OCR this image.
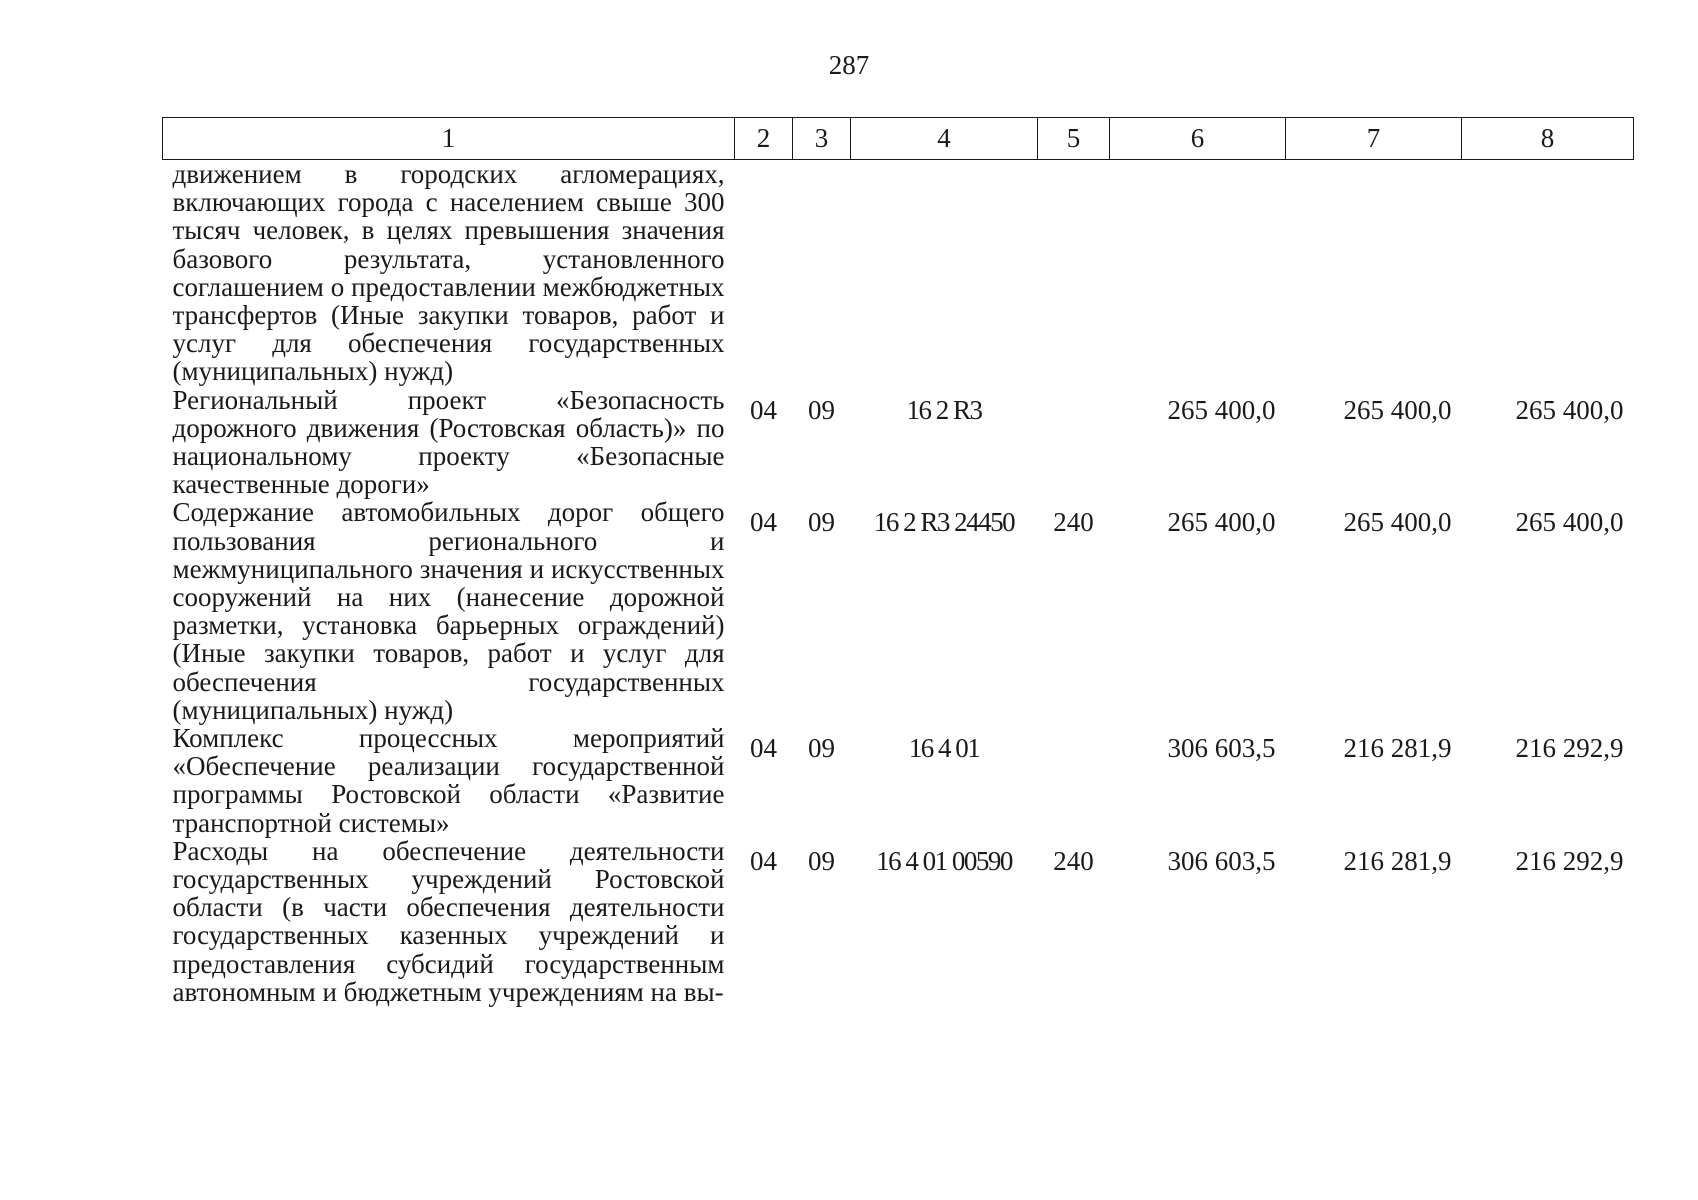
287
1	2	3	4	5	6	7	8
движением в городских агломерациях, включающих города с населением свыше 300 тысяч человек, в целях превышения значения базового результата, установленного соглашением о предоставлении межбюджетных трансфертов (Иные закупки товаров, работ и услуг для обеспечения государственных (муниципальных) нужд)							
Региональный проект «Безопасность дорожного движения (Ростовская область)» по национальному проекту «Безопасные качественные дороги»	04	09	16 2 R3		265 400,0	265 400,0	265 400,0
Содержание автомобильных дорог общего пользования регионального и межмуниципального значения и искусственных сооружений на них (нанесение дорожной разметки, установка барьерных ограждений) (Иные закупки товаров, работ и услуг для обеспечения государственных (муниципальных) нужд)	04	09	16 2 R3 24450	240	265 400,0	265 400,0	265 400,0
Комплекс процессных мероприятий «Обеспечение реализации государственной программы Ростовской области «Развитие транспортной системы»	04	09	16 4 01		306 603,5	216 281,9	216 292,9
Расходы на обеспечение деятельности государственных учреждений Ростовской области (в части обеспечения деятельности государственных казенных учреждений и предоставления субсидий государственным автономным и бюджетным учреждениям на вы-	04	09	16 4 01 00590	240	306 603,5	216 281,9	216 292,9
